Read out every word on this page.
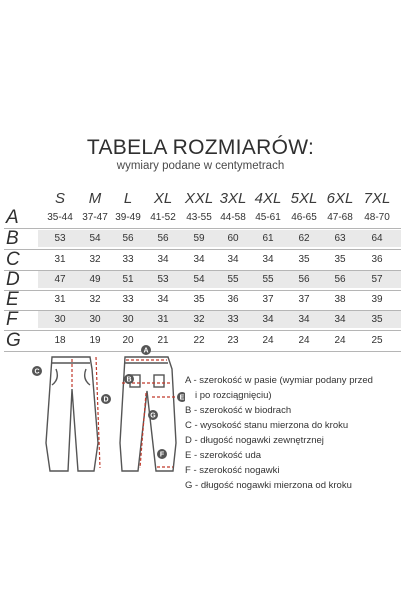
TABELA ROZMIARÓW:
wymiary podane w centymetrach
S M L XL XXL 3XL 4XL 5XL 6XL 7XL
A	35-44 37-47 39-49 41-52 43-55 44-58 45-61 46-65 47-68 48-70
B	53 54 56 56 59 60 61 62 63	64
C	31 32 33 34 34 34 34 35 35	36
D	47 49 51 53 54 55 55 56 56	57
E	31 32 33 34 35 36 37 37 38	39
F	30 30 30 31 32 33 34 34 34	35
G	18 19 20 21 22 23 24 24 24	25
A
B
C
D	E
F
G
A - szerokość w pasie (wymiar podany przed
i po rozciągnięciu)
B - szerokość w biodrach
C - wysokość stanu mierzona do kroku
D - długość nogawki zewnętrznej
E - szerokość uda
F - szerokość nogawki
G - długość nogawki mierzona od kroku
